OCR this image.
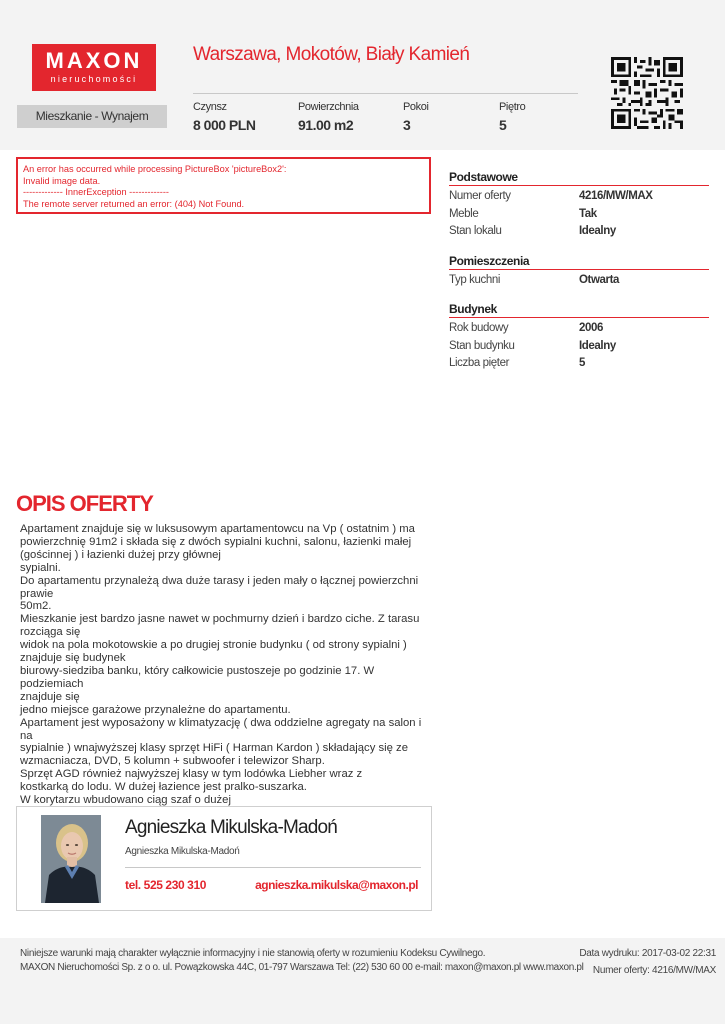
MAXON
nieruchomości
Warszawa, Mokotów, Biały Kamień
Mieszkanie - Wynajem
Czynsz
8 000 PLN
Powierzchnia
91.00 m2
Pokoi
3
Piętro
5
An error has occurred while processing PictureBox 'pictureBox2':
Invalid image data.
------------- InnerException -------------
The remote server returned an error: (404) Not Found.
Podstawowe
Numer oferty	4216/MW/MAX
Meble	Tak
Stan lokalu	Idealny
Pomieszczenia
Typ kuchni	Otwarta
Budynek
Rok budowy	2006
Stan budynku	Idealny
Liczba pięter	5
OPIS OFERTY
Apartament znajduje się w luksusowym apartamentowcu na Vp ( ostatnim ) ma
powierzchnię 91m2 i składa się z dwóch sypialni kuchni, salonu, łazienki małej
(gościnnej ) i łazienki dużej przy głównej
sypialni.
Do apartamentu przynależą dwa duże tarasy i jeden mały o łącznej powierzchni
prawie
50m2.
Mieszkanie jest bardzo jasne nawet w pochmurny dzień i bardzo ciche. Z tarasu
rozciąga się
widok na pola mokotowskie a po drugiej stronie budynku ( od strony sypialni )
znajduje się budynek
biurowy-siedziba banku, który całkowicie pustoszeje po godzinie 17. W podziemiach
znajduje się
jedno miejsce garażowe przynależne do apartamentu.
Apartament jest wyposażony w klimatyzację ( dwa oddzielne agregaty na salon i na
sypialnie ) wnajwyższej klasy sprzęt HiFi ( Harman Kardon ) składający się ze
wzmacniacza, DVD, 5 kolumn + subwoofer i telewizor Sharp.
Sprzęt AGD również najwyższej klasy w tym lodówka Liebher wraz z
kostkarką do lodu. W dużej łazience jest pralko-suszarka.
W korytarzu wbudowano ciąg szaf o dużej

Agnieszka Mikulska-Madoń
Agnieszka Mikulska-Madoń
tel. 525 230 310	agnieszka.mikulska@maxon.pl
Niniejsze warunki mają charakter wyłącznie informacyjny i nie stanowią oferty w rozumieniu Kodeksu Cywilnego.
MAXON Nieruchomości Sp. z o o. ul. Powązkowska 44C, 01-797 Warszawa Tel: (22) 530 60 00 e-mail: maxon@maxon.pl www.maxon.pl
Data wydruku: 2017-03-02 22:31
Numer oferty: 4216/MW/MAX
